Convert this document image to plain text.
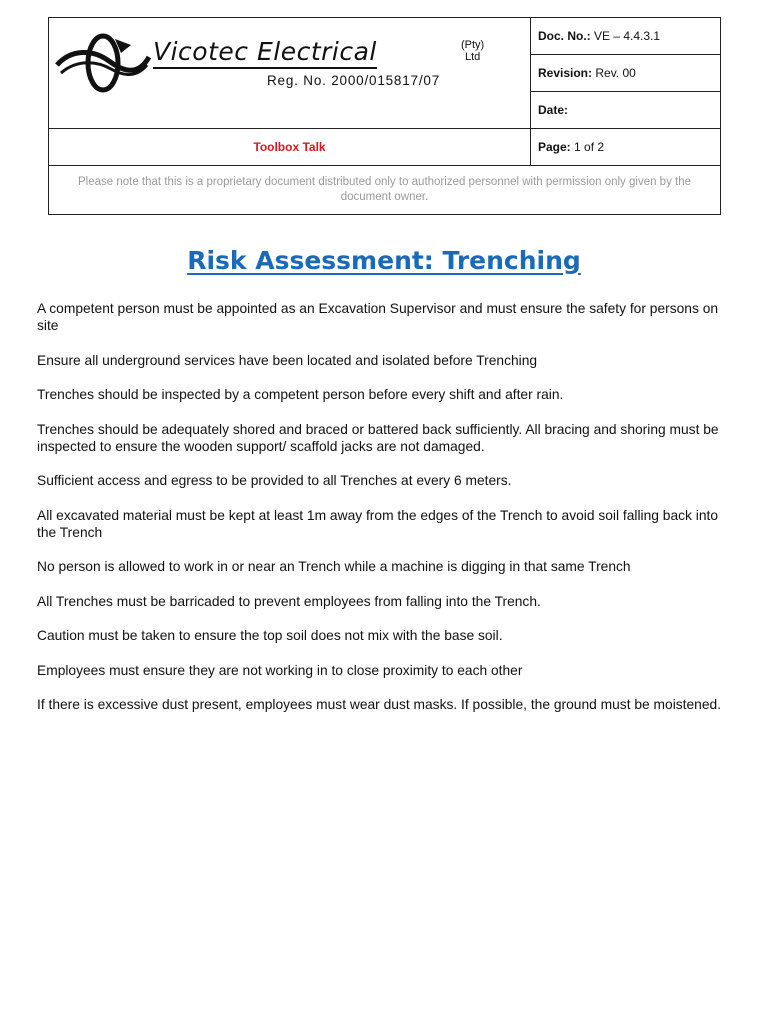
Vicotec Electrical (Pty)
Ltd
Reg. No. 2000/015817/07	Doc. No.: VE – 4.4.3.1
	Revision: Rev. 00
	Date:
Toolbox Talk	Page: 1 of 2
Please note that this is a proprietary document distributed only to authorized personnel with permission only given by the document owner.	
Risk Assessment: Trenching

A competent person must be appointed as an Excavation Supervisor and must ensure the safety for persons on site

Ensure all underground services have been located and isolated before Trenching

Trenches should be inspected by a competent person before every shift and after rain.

Trenches should be adequately shored and braced or battered back sufficiently. All bracing and shoring must be inspected to ensure the wooden support/ scaffold jacks are not damaged.

Sufficient access and egress to be provided to all Trenches at every 6 meters.

All excavated material must be kept at least 1m away from the edges of the Trench to avoid soil falling back into the Trench

No person is allowed to work in or near an Trench while a machine is digging in that same Trench

All Trenches must be barricaded to prevent employees from falling into the Trench.

Caution must be taken to ensure the top soil does not mix with the base soil.

Employees must ensure they are not working in to close proximity to each other

If there is excessive dust present, employees must wear dust masks. If possible, the ground must be moistened.
